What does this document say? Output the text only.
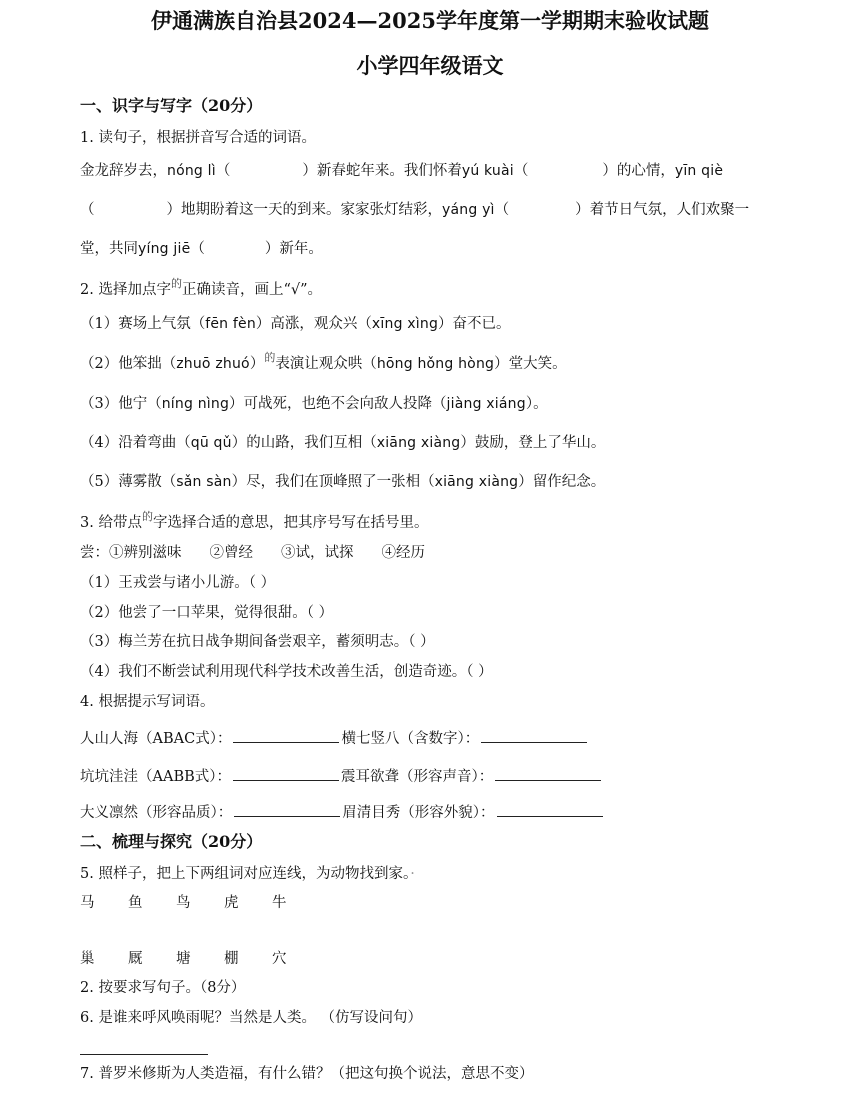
伊通满族自治县2024—2025学年度第一学期期末验收试题
小学四年级语文
一、识字与写字（20分）
1. 读句子，根据拼音写合适的词语。
金龙辞岁去，nóng lì（	）新春蛇年来。我们怀着yú kuài（	）的心情，yīn qiè
（	）地期盼着这一天的到来。家家张灯结彩，yáng yì（	）着节日气氛，人们欢聚一
堂，共同yíng jiē（	）新年。
2. 选择加点字$^的$正确读音，画上“√”。
（1）赛场上气氛（fēn fèn）高涨，观众兴（xīng xìng）奋不已。
（2）他笨拙（zhuō zhuó）$^的$表演让观众哄（hōng hǒng hòng）堂大笑。
（3）他宁（níng nìng）可战死，也绝不会向敌人投降（jiàng xiáng）。
（4）沿着弯曲（qū qǔ）的山路，我们互相（xiāng xiàng）鼓励，登上了华山。
（5）薄雾散（sǎn sàn）尽，我们在顶峰照了一张相（xiāng xiàng）留作纪念。
3. 给带点$^的$字选择合适的意思，把其序号写在括号里。
尝：①辨别滋味 ②曾经 ③试，试探 ④经历
（1）王戎尝与诸小儿游。（ ）
（2）他尝了一口苹果，觉得很甜。（ ）
（3）梅兰芳在抗日战争期间备尝艰辛，蓄须明志。（ ）
（4）我们不断尝试利用现代科学技术改善生活，创造奇迹。（ ）
4. 根据提示写词语。
人山人海（ABAC式）：	横七竖八（含数字）：
坑坑洼洼（AABB式）：	震耳欲聋（形容声音）：
大义凛然（形容品质）：	眉清目秀（形容外貌）：
二、梳理与探究（20分）
5. 照样子，把上下两组词对应连线，为动物找到家。·
马 鱼 鸟 虎 牛
巢 厩 塘 棚 穴
2. 按要求写句子。（8分）
6. 是谁来呼风唤雨呢？当然是人类。 （仿写设问句）
7. 普罗米修斯为人类造福，有什么错？（把这句换个说法，意思不变）
